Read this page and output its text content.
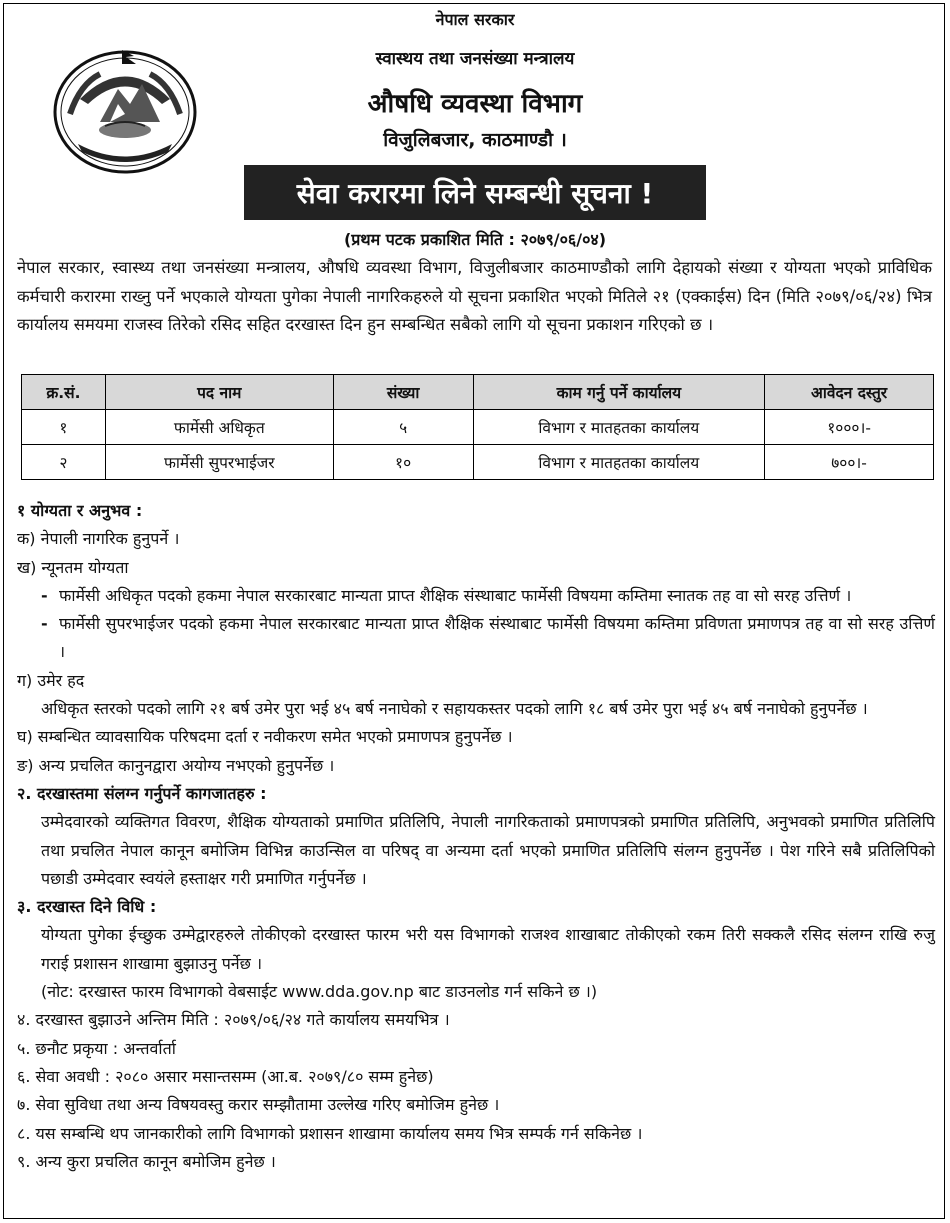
नेपाल सरकार
स्वास्थय तथा जनसंख्या मन्त्रालय
औषधि व्यवस्था विभाग
विजुलिबजार, काठमाण्डौ ।
सेवा करारमा लिने सम्बन्धी सूचना !
(प्रथम पटक प्रकाशित मिति : २०७९/०६/०४)
नेपाल सरकार, स्वास्थ्य तथा जनसंख्या मन्त्रालय, औषधि व्यवस्था विभाग, विजुलीबजार काठमाण्डौको लागि देहायको संख्या र योग्यता भएको प्राविधिक कर्मचारी करारमा राख्नु पर्ने भएकाले योग्यता पुगेका नेपाली नागरिकहरुले यो सूचना प्रकाशित भएको मितिले २१ (एक्काईस) दिन (मिति २०७९/०६/२४) भित्र कार्यालय समयमा राजस्व तिरेको रसिद सहित दरखास्त दिन हुन सम्बन्धित सबैको लागि यो सूचना प्रकाशन गरिएको छ ।
क्र.सं.	पद नाम	संख्या	काम गर्नु पर्ने कार्यालय	आवेदन दस्तुर
१	फार्मेसी अधिकृत	५	विभाग र मातहतका कार्यालय	१०००।-
२	फार्मेसी सुपरभाईजर	१०	विभाग र मातहतका कार्यालय	७००।-

१ योग्यता र अनुभव :

क) नेपाली नागरिक हुनुपर्ने ।

ख) न्यूनतम योग्यता

- फार्मेसी अधिकृत पदको हकमा नेपाल सरकारबाट मान्यता प्राप्त शैक्षिक संस्थाबाट फार्मेसी विषयमा कम्तिमा स्नातक तह वा सो सरह उत्तिर्ण ।
- फार्मेसी सुपरभाईजर पदको हकमा नेपाल सरकारबाट मान्यता प्राप्त शैक्षिक संस्थाबाट फार्मेसी विषयमा कम्तिमा प्रविणता प्रमाणपत्र तह वा सो सरह उत्तिर्ण ।

ग) उमेर हद

अधिकृत स्तरको पदको लागि २१ बर्ष उमेर पुरा भई ४५ बर्ष ननाघेको र सहायकस्तर पदको लागि १८ बर्ष उमेर पुरा भई ४५ बर्ष ननाघेको हुनुपर्नेछ ।

घ) सम्बन्धित व्यावसायिक परिषदमा दर्ता र नवीकरण समेत भएको प्रमाणपत्र हुनुपर्नेछ ।

ङ) अन्य प्रचलित कानुनद्वारा अयोग्य नभएको हुनुपर्नेछ ।

२. दरखास्तमा संलग्न गर्नुपर्ने कागजातहरु :

उम्मेदवारको व्यक्तिगत विवरण, शैक्षिक योग्यताको प्रमाणित प्रतिलिपि, नेपाली नागरिकताको प्रमाणपत्रको प्रमाणित प्रतिलिपि, अनुभवको प्रमाणित प्रतिलिपि तथा प्रचलित नेपाल कानून बमोजिम विभिन्न काउन्सिल वा परिषद् वा अन्यमा दर्ता भएको प्रमाणित प्रतिलिपि संलग्न हुनुपर्नेछ । पेश गरिने सबै प्रतिलिपिको पछाडी उम्मेदवार स्वयंले हस्ताक्षर गरी प्रमाणित गर्नुपर्नेछ ।

३. दरखास्त दिने विधि :

योग्यता पुगेका ईच्छुक उम्मेद्वारहरुले तोकीएको दरखास्त फारम भरी यस विभागको राजश्व शाखाबाट तोकीएको रकम तिरी सक्कलै रसिद संलग्न राखि रुजु गराई प्रशासन शाखामा बुझाउनु पर्नेछ ।

(नोट: दरखास्त फारम विभागको वेबसाईट www.dda.gov.np बाट डाउनलोड गर्न सकिने छ ।)

४. दरखास्त बुझाउने अन्तिम मिति : २०७९/०६/२४ गते कार्यालय समयभित्र ।

५. छनौट प्रकृया : अन्तर्वार्ता

६. सेवा अवधी : २०८० असार मसान्तसम्म (आ.ब. २०७९/८० सम्म हुनेछ)

७. सेवा सुविधा तथा अन्य विषयवस्तु करार सम्झौतामा उल्लेख गरिए बमोजिम हुनेछ ।

८. यस सम्बन्धि थप जानकारीको लागि विभागको प्रशासन शाखामा कार्यालय समय भित्र सम्पर्क गर्न सकिनेछ ।

९. अन्य कुरा प्रचलित कानून बमोजिम हुनेछ ।
